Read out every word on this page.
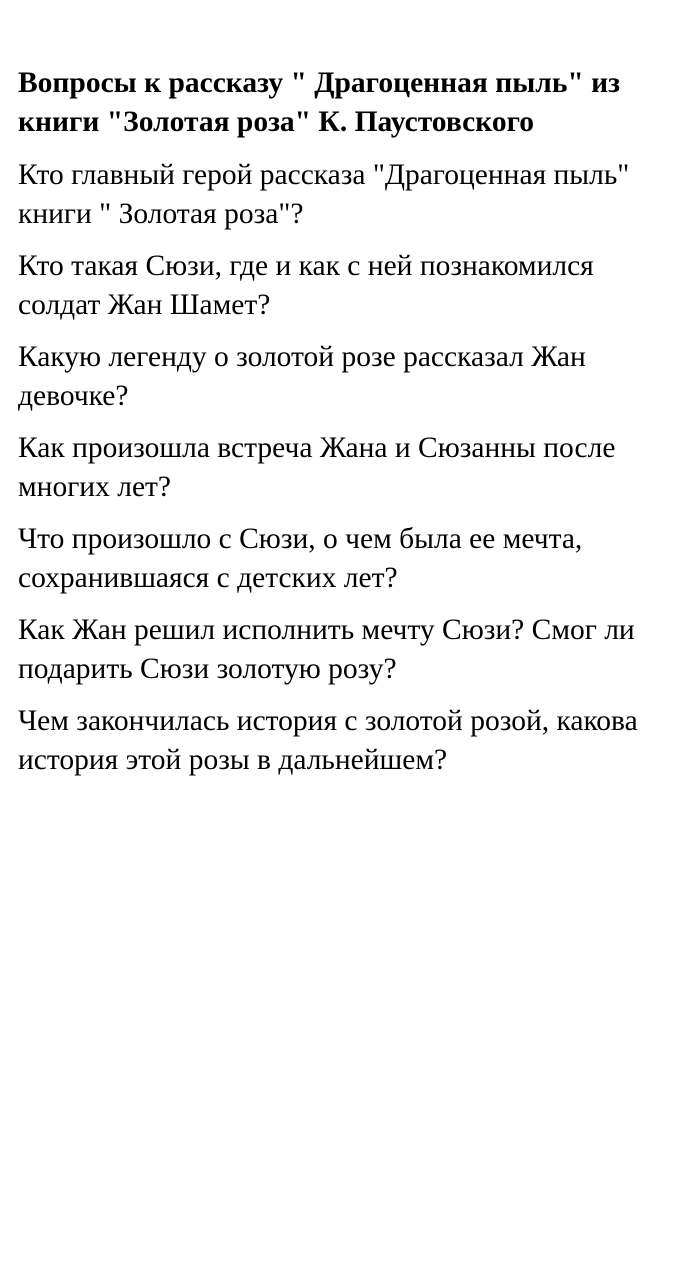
Вопросы к рассказу " Драгоценная пыль" из
книги "Золотая роза" К. Паустовского

Кто главный герой рассказа "Драгоценная пыль"
книги " Золотая роза"?

Кто такая Сюзи, где и как с ней познакомился
солдат Жан Шамет?

Какую легенду о золотой розе рассказал Жан
девочке?

Как произошла встреча Жана и Сюзанны после
многих лет?

Что произошло с Сюзи, о чем была ее мечта,
сохранившаяся с детских лет?

Как Жан решил исполнить мечту Сюзи? Смог ли
подарить Сюзи золотую розу?

Чем закончилась история с золотой розой, какова
история этой розы в дальнейшем?
